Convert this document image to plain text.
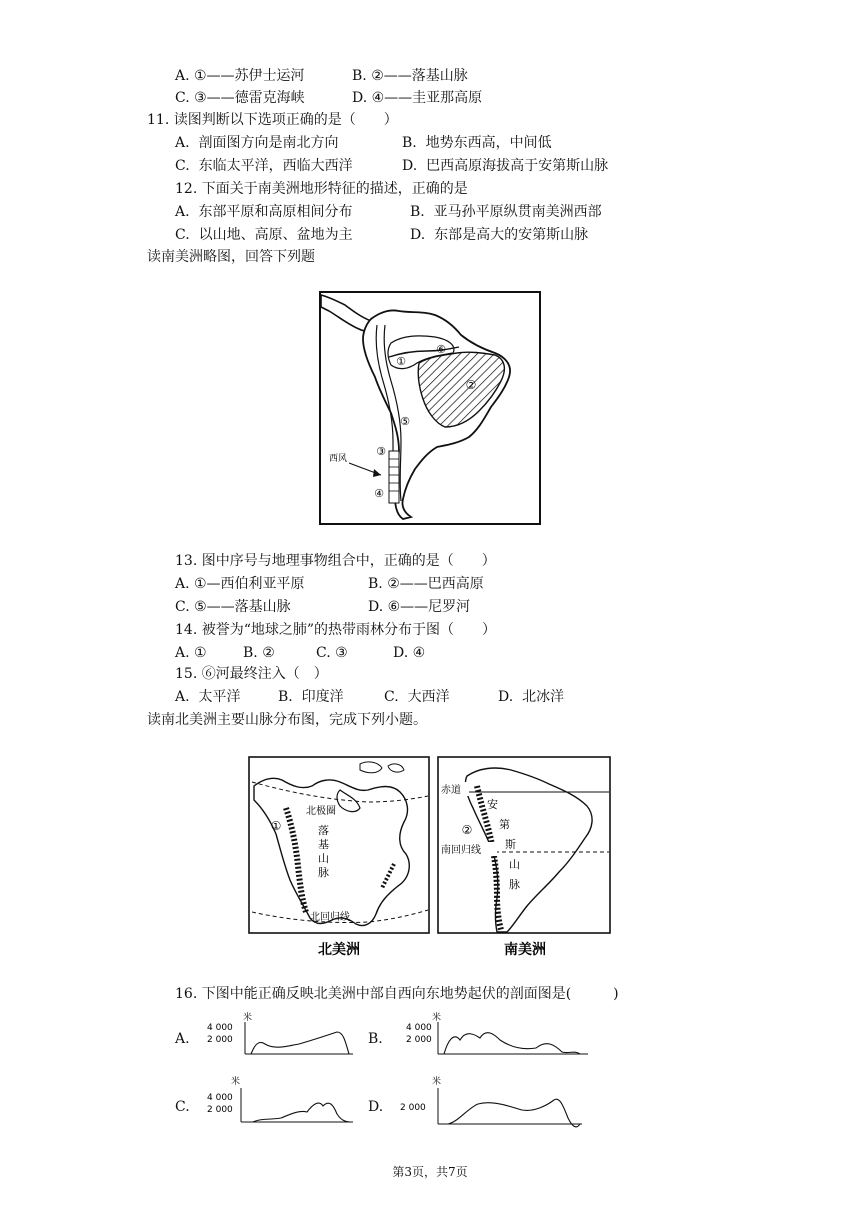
A. ①——苏伊士运河	B. ②——落基山脉
C. ③——德雷克海峡	D. ④——圭亚那高原
11. 读图判断以下选项正确的是（　　）
A.  剖面图方向是南北方向	B.  地势东西高，中间低
C.  东临太平洋，西临大西洋	D.  巴西高原海拔高于安第斯山脉
12. 下面关于南美洲地形特征的描述，正确的是
A.  东部平原和高原相间分布	B.  亚马孙平原纵贯南美洲西部
C.  以山地、高原、盆地为主	D.  东部是高大的安第斯山脉
读南美洲略图，回答下列题
①
②
③
④
⑤
⑥
西风
13. 图中序号与地理事物组合中，正确的是（　　）
A. ①—西伯利亚平原	B. ②——巴西高原
C. ⑤——落基山脉	D. ⑥——尼罗河
14. 被誉为“地球之肺”的热带雨林分布于图（　　）
A. ①	B. ②	C. ③	D. ④
15. ⑥河最终注入（　）
A.  太平洋	B.  印度洋	C.  大西洋	D.  北冰洋
读南北美洲主要山脉分布图，完成下列小题。
①	落
基
山
脉
北极圈
北回归线
北美洲
赤道
南回归线
②
安
第
斯
山
脉
南美洲
16. 下图中能正确反映北美洲中部自西向东地势起伏的剖面图是(　　　)
A.
米
4 000
2 000	B.
米
4 000
2 000
C.
米
4 000
2 000	D.
米
2 000
第3页，共7页
